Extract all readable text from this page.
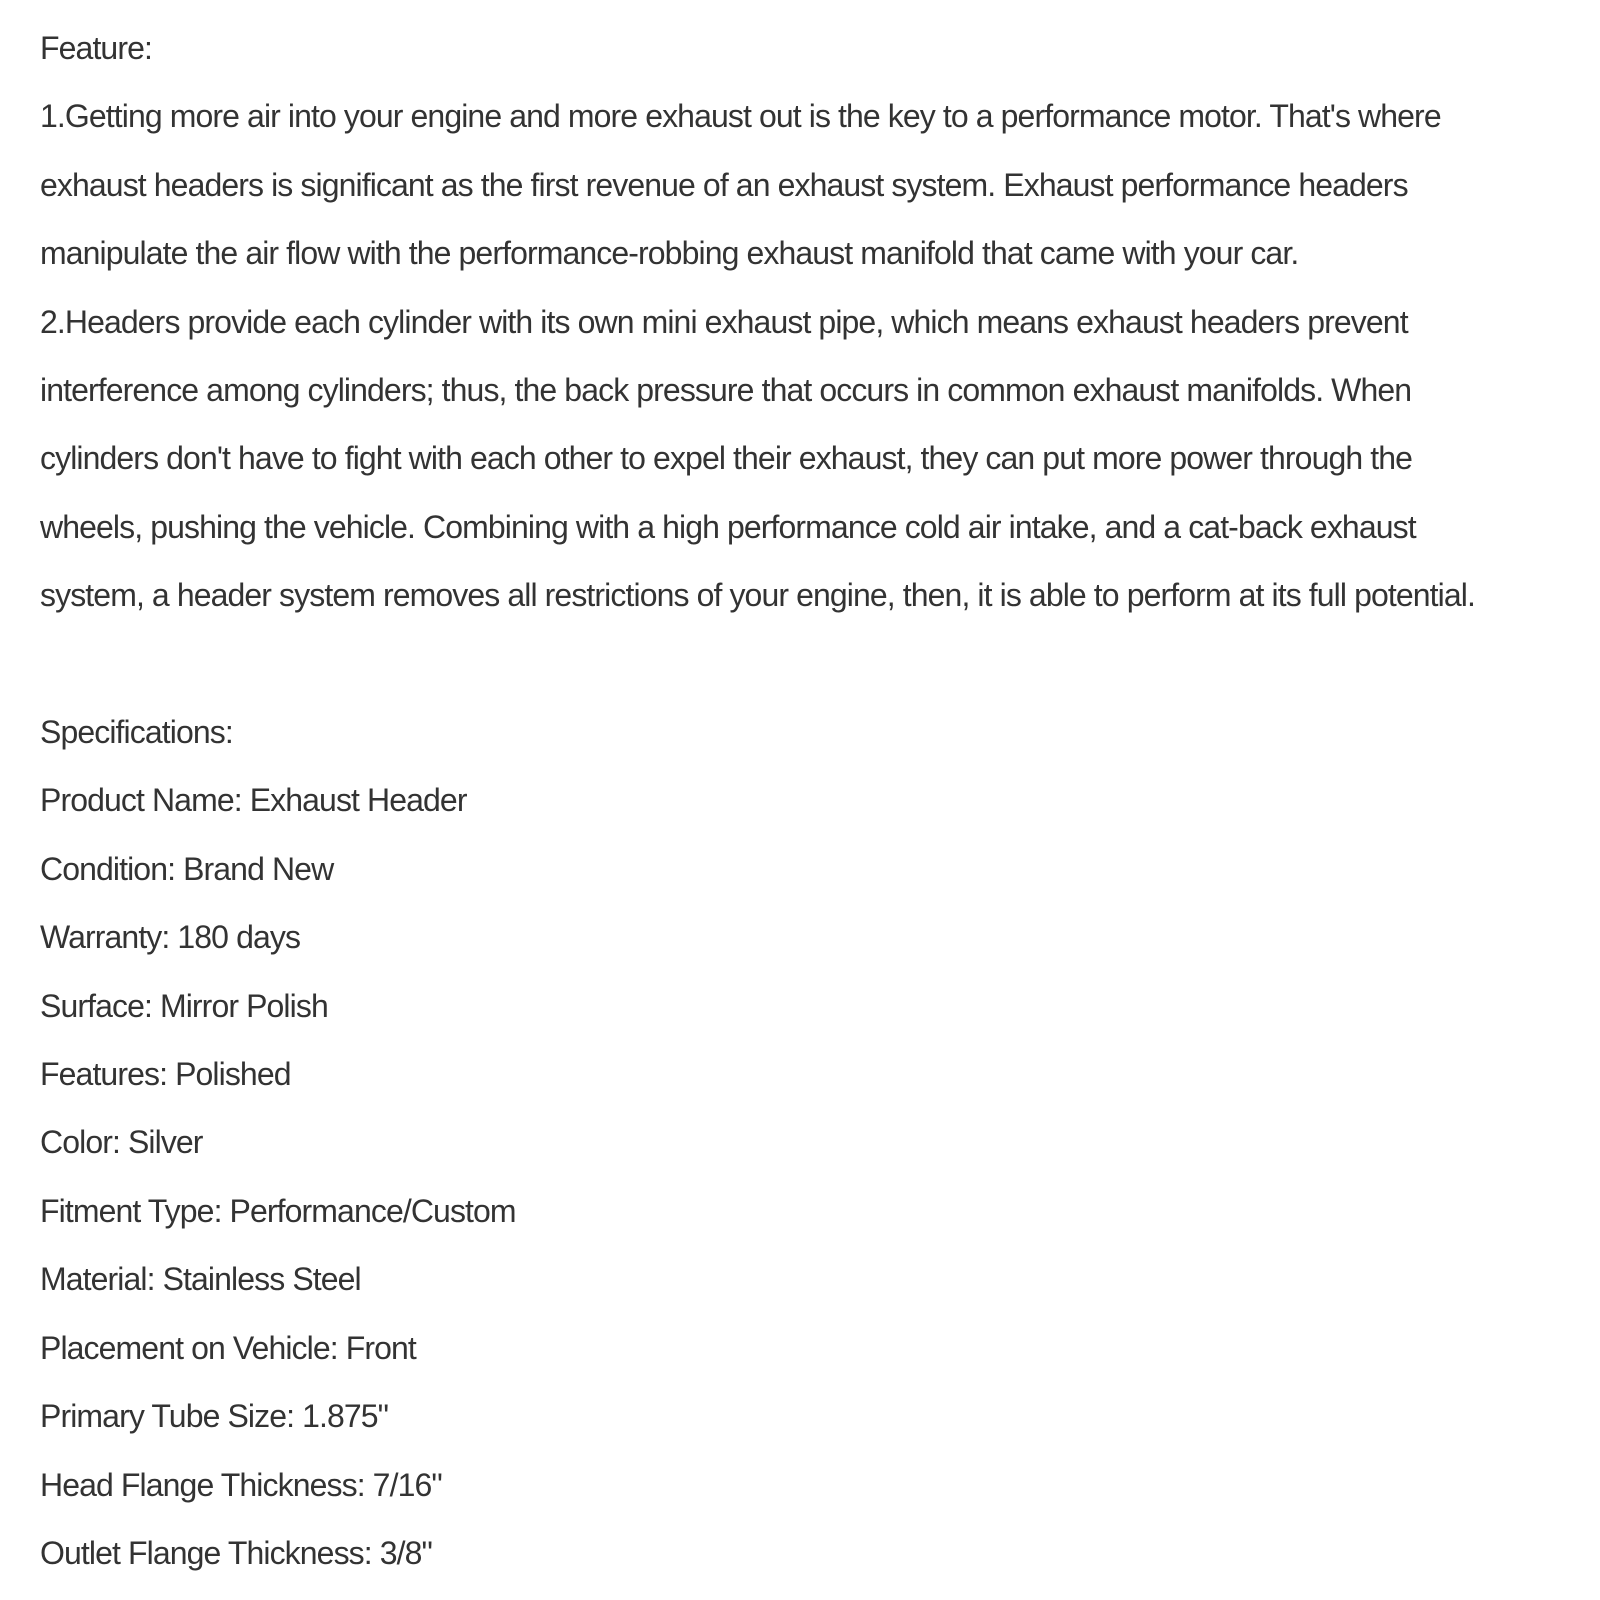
Feature:
1.Getting more air into your engine and more exhaust out is the key to a performance motor. That's where
exhaust headers is significant as the first revenue of an exhaust system. Exhaust performance headers
manipulate the air flow with the performance-robbing exhaust manifold that came with your car.
2.Headers provide each cylinder with its own mini exhaust pipe, which means exhaust headers prevent
interference among cylinders; thus, the back pressure that occurs in common exhaust manifolds. When
cylinders don't have to fight with each other to expel their exhaust, they can put more power through the
wheels, pushing the vehicle. Combining with a high performance cold air intake, and a cat-back exhaust
system, a header system removes all restrictions of your engine, then, it is able to perform at its full potential.
Specifications:
Product Name: Exhaust Header
Condition: Brand New
Warranty: 180 days
Surface: Mirror Polish
Features: Polished
Color: Silver
Fitment Type: Performance/Custom
Material: Stainless Steel
Placement on Vehicle: Front
Primary Tube Size: 1.875"
Head Flange Thickness: 7/16"
Outlet Flange Thickness: 3/8"
